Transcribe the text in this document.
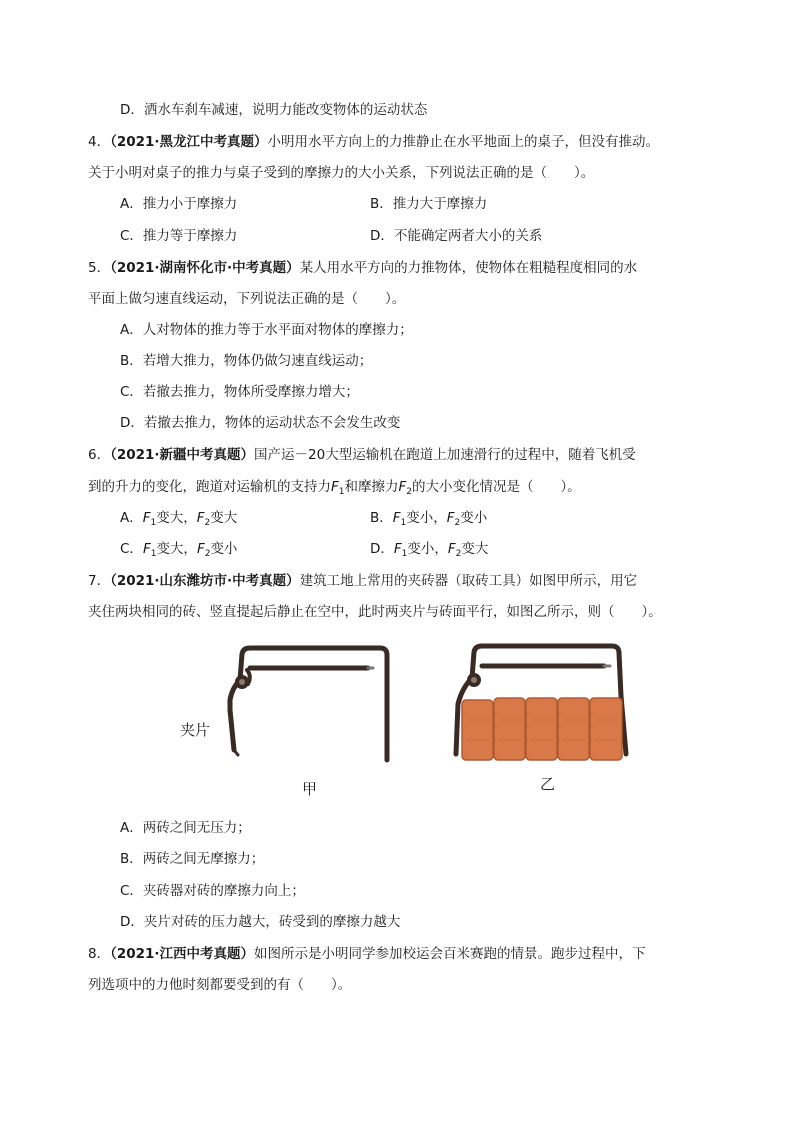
D．洒水车刹车减速，说明力能改变物体的运动状态
4．（2021·黑龙江中考真题）小明用水平方向上的力推静止在水平地面上的桌子，但没有推动。
关于小明对桌子的推力与桌子受到的摩擦力的大小关系，下列说法正确的是（　　）。
A．推力小于摩擦力	B．推力大于摩擦力
C．推力等于摩擦力	D．不能确定两者大小的关系
5．（2021·湖南怀化市·中考真题）某人用水平方向的力推物体，使物体在粗糙程度相同的水
平面上做匀速直线运动，下列说法正确的是（　　）。
A．人对物体的推力等于水平面对物体的摩擦力；
B．若增大推力，物体仍做匀速直线运动；
C．若撤去推力，物体所受摩擦力增大；
D．若撤去推力，物体的运动状态不会发生改变
6．（2021·新疆中考真题）国产运－20大型运输机在跑道上加速滑行的过程中，随着飞机受
到的升力的变化，跑道对运输机的支持力$F_1$和摩擦力$F_2$的大小变化情况是（　　）。
A．$F_1$变大，$F_2$变大	B．$F_1$变小，$F_2$变小
C．$F_1$变大，$F_2$变小	D．$F_1$变小，$F_2$变大
7．（2021·山东潍坊市·中考真题）建筑工地上常用的夹砖器（取砖工具）如图甲所示，用它
夹住两块相同的砖、竖直提起后静止在空中，此时两夹片与砖面平行，如图乙所示，则（　　）。
夹片
甲	乙
A．两砖之间无压力；
B．两砖之间无摩擦力；
C．夹砖器对砖的摩擦力向上；
D．夹片对砖的压力越大，砖受到的摩擦力越大
8．（2021·江西中考真题）如图所示是小明同学参加校运会百米赛跑的情景。跑步过程中，下
列选项中的力他时刻都要受到的有（　　）。
